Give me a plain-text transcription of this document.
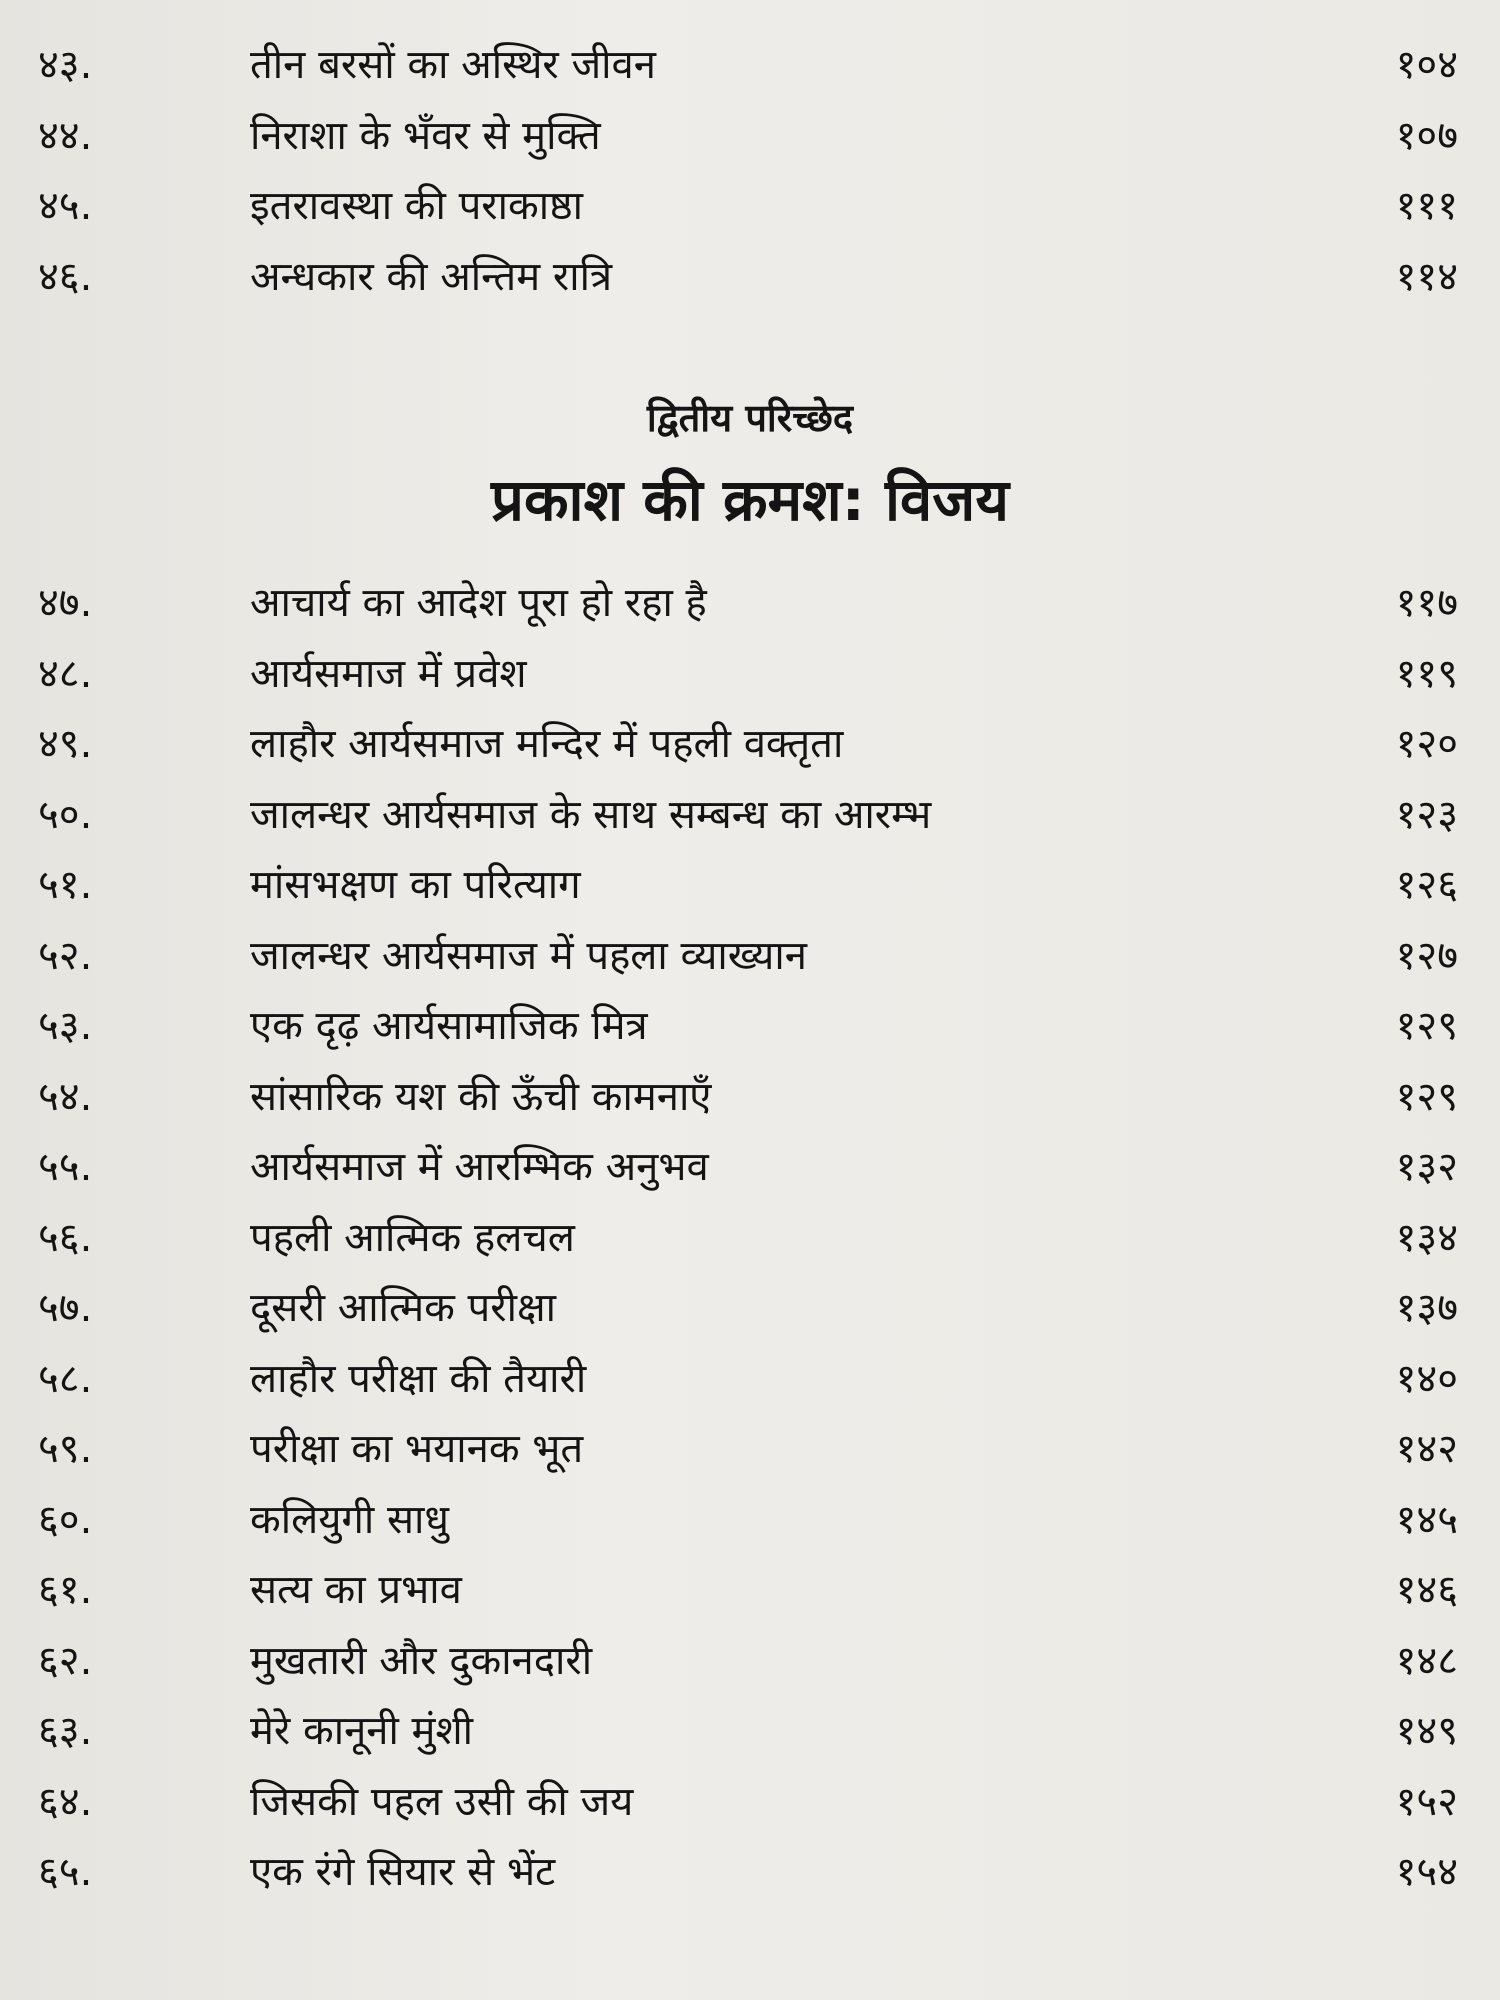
४३.	तीन बरसों का अस्थिर जीवन	१०४
४४.	निराशा के भँवर से मुक्ति	१०७
४५.	इतरावस्था की पराकाष्ठा	१११
४६.	अन्धकार की अन्तिम रात्रि	११४
द्वितीय परिच्छेद
प्रकाश की क्रमश: विजय
४७.	आचार्य का आदेश पूरा हो रहा है	११७
४८.	आर्यसमाज में प्रवेश	११९
४९.	लाहौर आर्यसमाज मन्दिर में पहली वक्तृता	१२०
५०.	जालन्धर आर्यसमाज के साथ सम्बन्ध का आरम्भ	१२३
५१.	मांसभक्षण का परित्याग	१२६
५२.	जालन्धर आर्यसमाज में पहला व्याख्यान	१२७
५३.	एक दृढ़ आर्यसामाजिक मित्र	१२९
५४.	सांसारिक यश की ऊँची कामनाएँ	१२९
५५.	आर्यसमाज में आरम्भिक अनुभव	१३२
५६.	पहली आत्मिक हलचल	१३४
५७.	दूसरी आत्मिक परीक्षा	१३७
५८.	लाहौर परीक्षा की तैयारी	१४०
५९.	परीक्षा का भयानक भूत	१४२
६०.	कलियुगी साधु	१४५
६१.	सत्य का प्रभाव	१४६
६२.	मुखतारी और दुकानदारी	१४८
६३.	मेरे कानूनी मुंशी	१४९
६४.	जिसकी पहल उसी की जय	१५२
६५.	एक रंगे सियार से भेंट	१५४
